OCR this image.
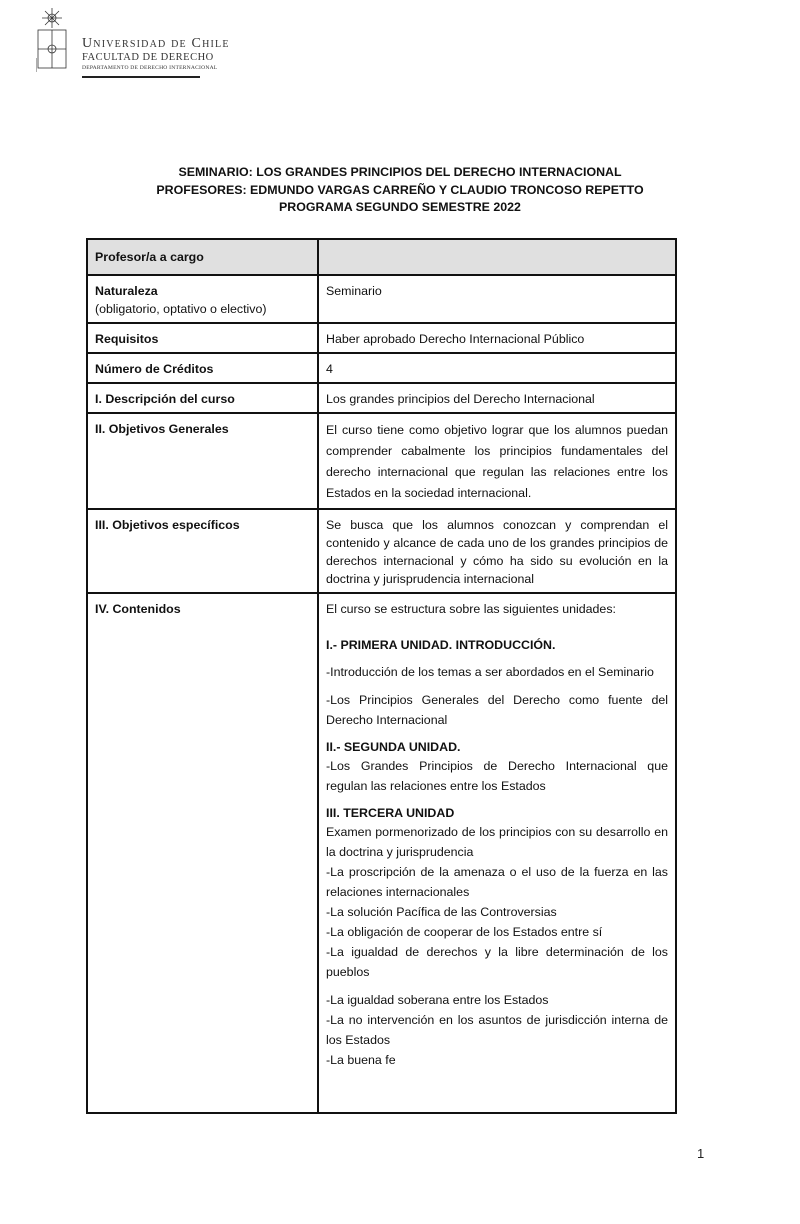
Universidad de Chile
FACULTAD DE DERECHO
DEPARTAMENTO DE DERECHO INTERNACIONAL
SEMINARIO: LOS GRANDES PRINCIPIOS DEL DERECHO INTERNACIONAL
PROFESORES: EDMUNDO VARGAS CARREÑO Y CLAUDIO TRONCOSO REPETTO
PROGRAMA SEGUNDO SEMESTRE 2022
Profesor/a a cargo	

Naturaleza
(obligatorio, optativo o electivo)	Seminario
Requisitos	Haber aprobado Derecho Internacional Público
Número de Créditos	4
I. Descripción del curso	Los grandes principios del Derecho Internacional
II. Objetivos Generales	El curso tiene como objetivo lograr que los alumnos puedan comprender cabalmente los principios fundamentales del derecho internacional que regulan las relaciones entre los Estados en la sociedad internacional.
III. Objetivos específicos	Se busca que los alumnos conozcan y comprendan el contenido y alcance de cada uno de los grandes principios de derechos internacional y cómo ha sido su evolución en la doctrina y jurisprudencia internacional
IV. Contenidos	El curso se estructura sobre las siguientes unidades:

I.- PRIMERA UNIDAD. INTRODUCCIÓN.

-Introducción de los temas a ser abordados en el Seminario

-Los Principios Generales del Derecho como fuente del Derecho Internacional

II.- SEGUNDA UNIDAD.

-Los Grandes Principios de Derecho Internacional que regulan las relaciones entre los Estados

III. TERCERA UNIDAD

Examen pormenorizado de los principios con su desarrollo en la doctrina y jurisprudencia

-La proscripción de la amenaza o el uso de la fuerza en las relaciones internacionales

-La solución Pacífica de las Controversias

-La obligación de cooperar de los Estados entre sí

-La igualdad de derechos y la libre determinación de los pueblos

-La igualdad soberana entre los Estados

-La no intervención en los asuntos de jurisdicción interna de los Estados

-La buena fe

1
